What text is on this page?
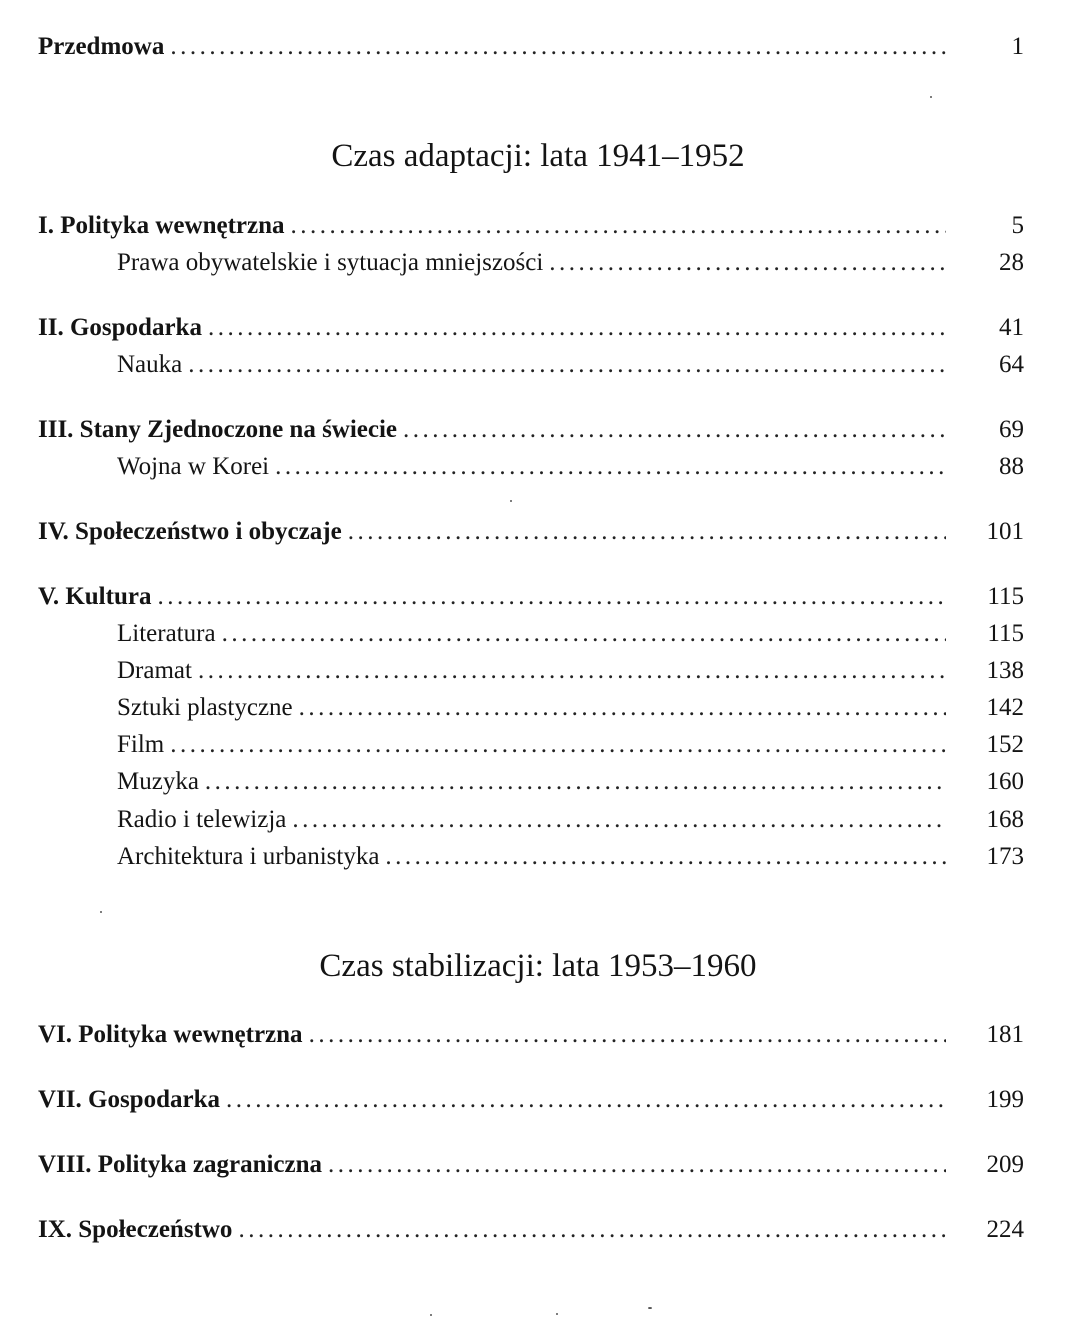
Przedmowa .....	1
Czas adaptacji: lata 1941–1952
I. Polityka wewnętrzna .....	5
Prawa obywatelskie i sytuacja mniejszości .....	28
II. Gospodarka .....	41
Nauka .....	64
III. Stany Zjednoczone na świecie .....	69
Wojna w Korei .....	88
IV. Społeczeństwo i obyczaje .....	101
V. Kultura .....	115
Literatura .....	115
Dramat .....	138
Sztuki plastyczne .....	142
Film .....	152
Muzyka .....	160
Radio i telewizja .....	168
Architektura i urbanistyka .....	173
Czas stabilizacji: lata 1953–1960
VI. Polityka wewnętrzna .....	181
VII. Gospodarka .....	199
VIII. Polityka zagraniczna .....	209
IX. Społeczeństwo .....	224
